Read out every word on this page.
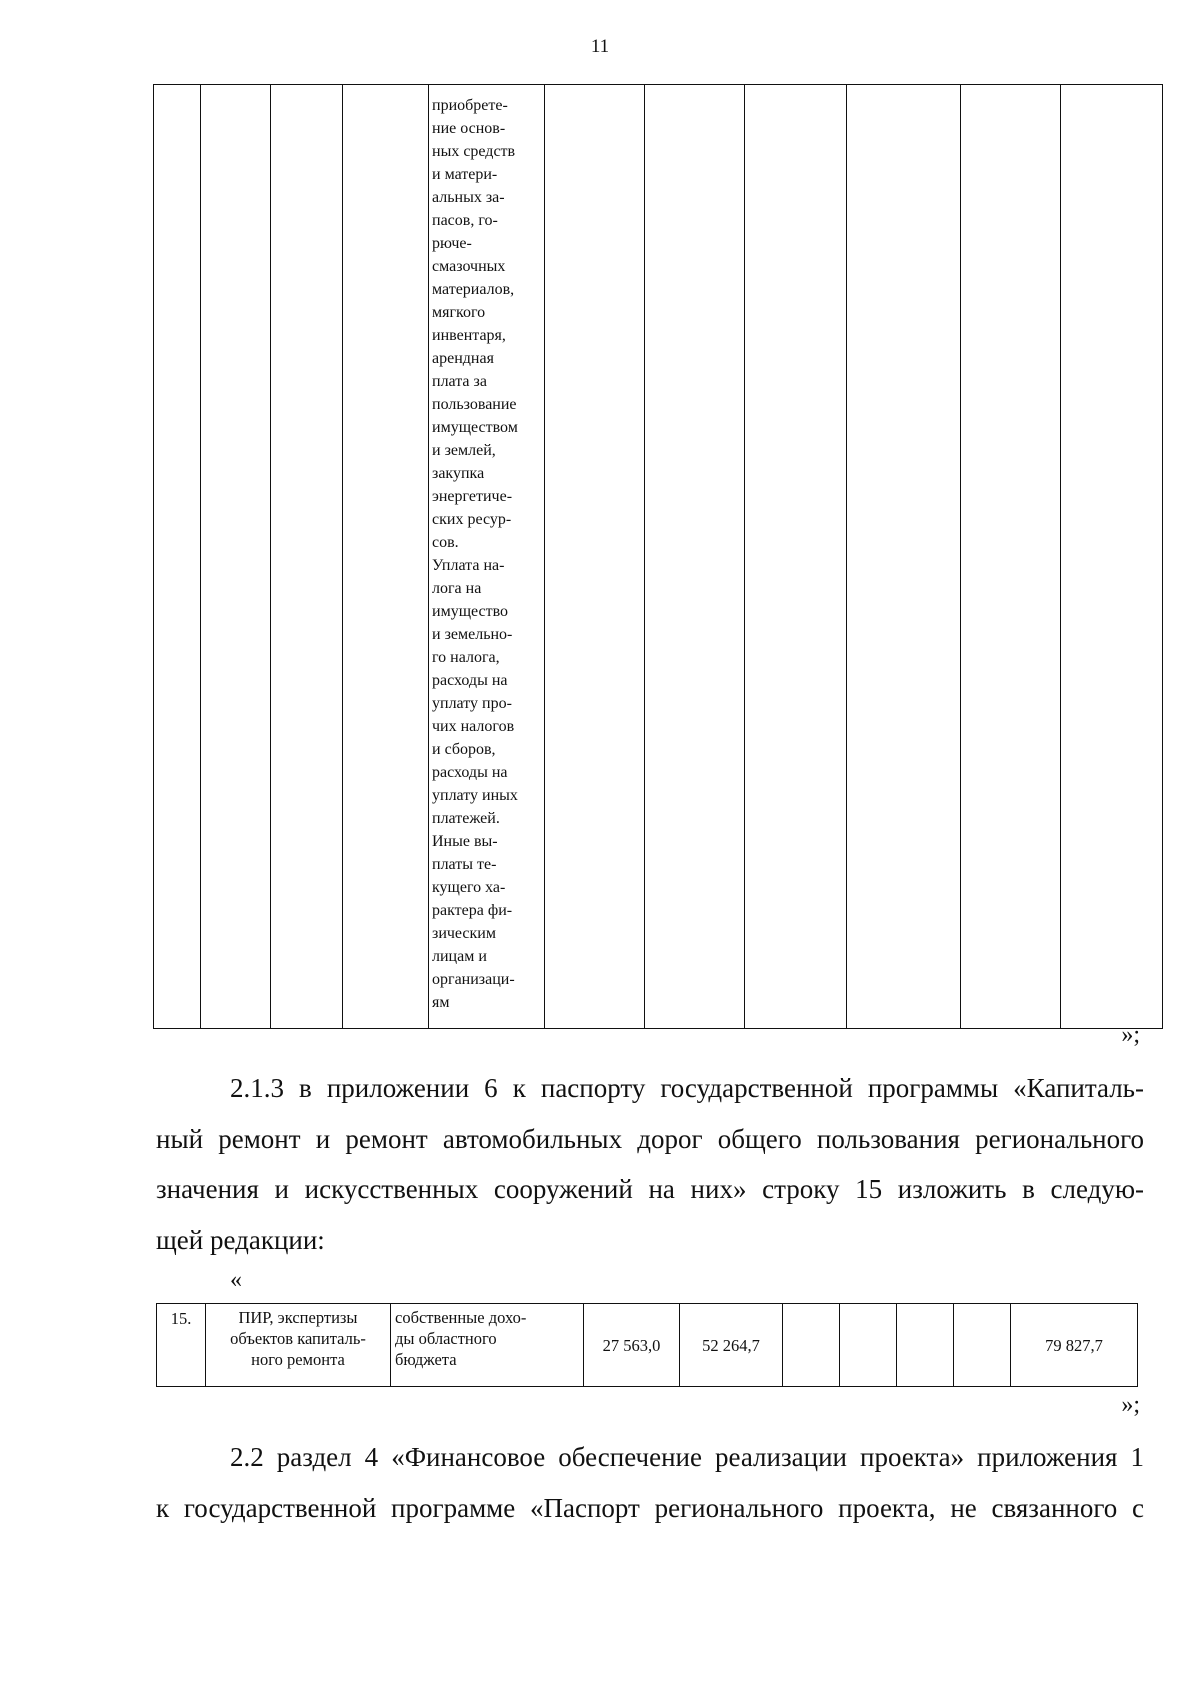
11
				приобрете-
ние основ-
ных средств
и матери-
альных за-
пасов, го-
рюче-
смазочных
материалов,
мягкого
инвентаря,
арендная
плата за
пользование
имуществом
и землей,
закупка
энергетиче-
ских ресур-
сов.
Уплата на-
лога на
имущество
и земельно-
го налога,
расходы на
уплату про-
чих налогов
и сборов,
расходы на
уплату иных
платежей.
Иные вы-
платы те-
кущего ха-
рактера фи-
зическим
лицам и
организаци-
ям						
»;
2.1.3 в приложении 6 к паспорту государственной программы «Капиталь-
ный ремонт и ремонт автомобильных дорог общего пользования регионального
значения и искусственных сооружений на них» строку 15 изложить в следую-
щей редакции:
«
15.	ПИР, экспертизы
объектов капиталь-
ного ремонта	собственные дохо-
ды областного
бюджета	27 563,0	52 264,7					79 827,7
»;
2.2 раздел 4 «Финансовое обеспечение реализации проекта» приложения 1
к государственной программе «Паспорт регионального проекта, не связанного с
